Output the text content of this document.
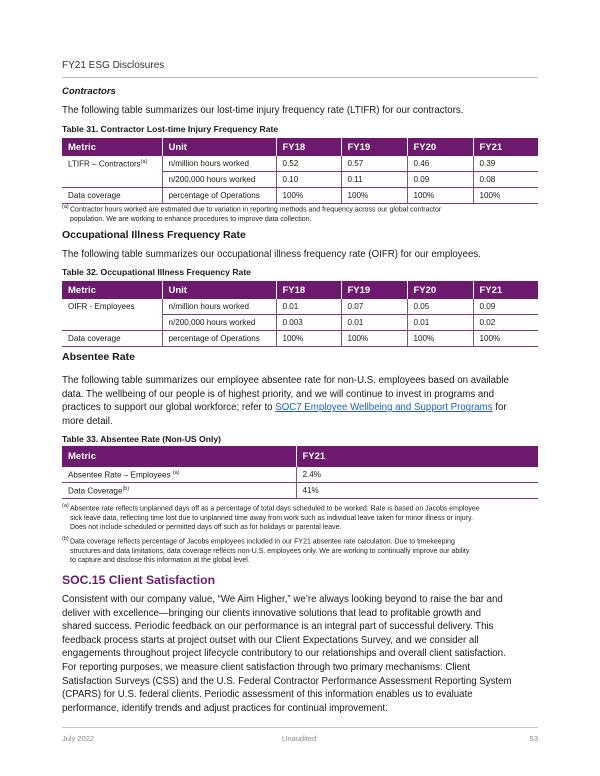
FY21 ESG Disclosures
Contractors
The following table summarizes our lost-time injury frequency rate (LTIFR) for our contractors.
Table 31. Contractor Lost-time Injury Frequency Rate
Metric	Unit	FY18	FY19	FY20	FY21
LTIFR – Contractors$^{(a)}$	n/million hours worked	0.52	0.57	0.46	0.39
	n/200,000 hours worked	0.10	0.11	0.09	0.08
Data coverage	percentage of Operations	100%	100%	100%	100%
(a)Contractor hours worked are estimated due to variation in reporting methods and frequency across our global contractor
population. We are working to enhance procedures to improve data collection.
Occupational Illness Frequency Rate
The following table summarizes our occupational illness frequency rate (OIFR) for our employees.
Table 32. Occupational Illness Frequency Rate
Metric	Unit	FY18	FY19	FY20	FY21
OIFR - Employees	n/million hours worked	0.01	0.07	0.05	0.09
	n/200,000 hours worked	0.003	0.01	0.01	0.02
Data coverage	percentage of Operations	100%	100%	100%	100%
Absentee Rate
The following table summarizes our employee absentee rate for non-U.S. employees based on available
data. The wellbeing of our people is of highest priority, and we will continue to invest in programs and
practices to support our global workforce; refer to SOC7 Employee Wellbeing and Support Programs for
more detail.
Table 33. Absentee Rate (Non-US Only)
Metric	FY21
Absentee Rate – Employees $^{(a)}$	2.4%
Data Coverage$^{(b)}$	41%
(a)Absentee rate reflects unplanned days off as a percentage of total days scheduled to be worked. Rate is based on Jacobs employee
sick leave data, reflecting time lost due to unplanned time away from work such as individual leave taken for minor illness or injury.
Does not include scheduled or permitted days off such as for holidays or parental leave.
(b)Data coverage reflects percentage of Jacobs employees included in our FY21 absentee rate calculation. Due to timekeeping
structures and data limitations, data coverage reflects non-U.S. employees only. We are working to continually improve our ability
to capture and disclose this information at the global level.
SOC.15 Client Satisfaction
Consistent with our company value, “We Aim Higher,” we’re always looking beyond to raise the bar and
deliver with excellence—bringing our clients innovative solutions that lead to profitable growth and
shared success. Periodic feedback on our performance is an integral part of successful delivery. This
feedback process starts at project outset with our Client Expectations Survey, and we consider all
engagements throughout project lifecycle contributory to our relationships and overall client satisfaction.
For reporting purposes, we measure client satisfaction through two primary mechanisms: Client
Satisfaction Surveys (CSS) and the U.S. Federal Contractor Performance Assessment Reporting System
(CPARS) for U.S. federal clients. Periodic assessment of this information enables us to evaluate
performance, identify trends and adjust practices for continual improvement.
July 2022	Unaudited	53
